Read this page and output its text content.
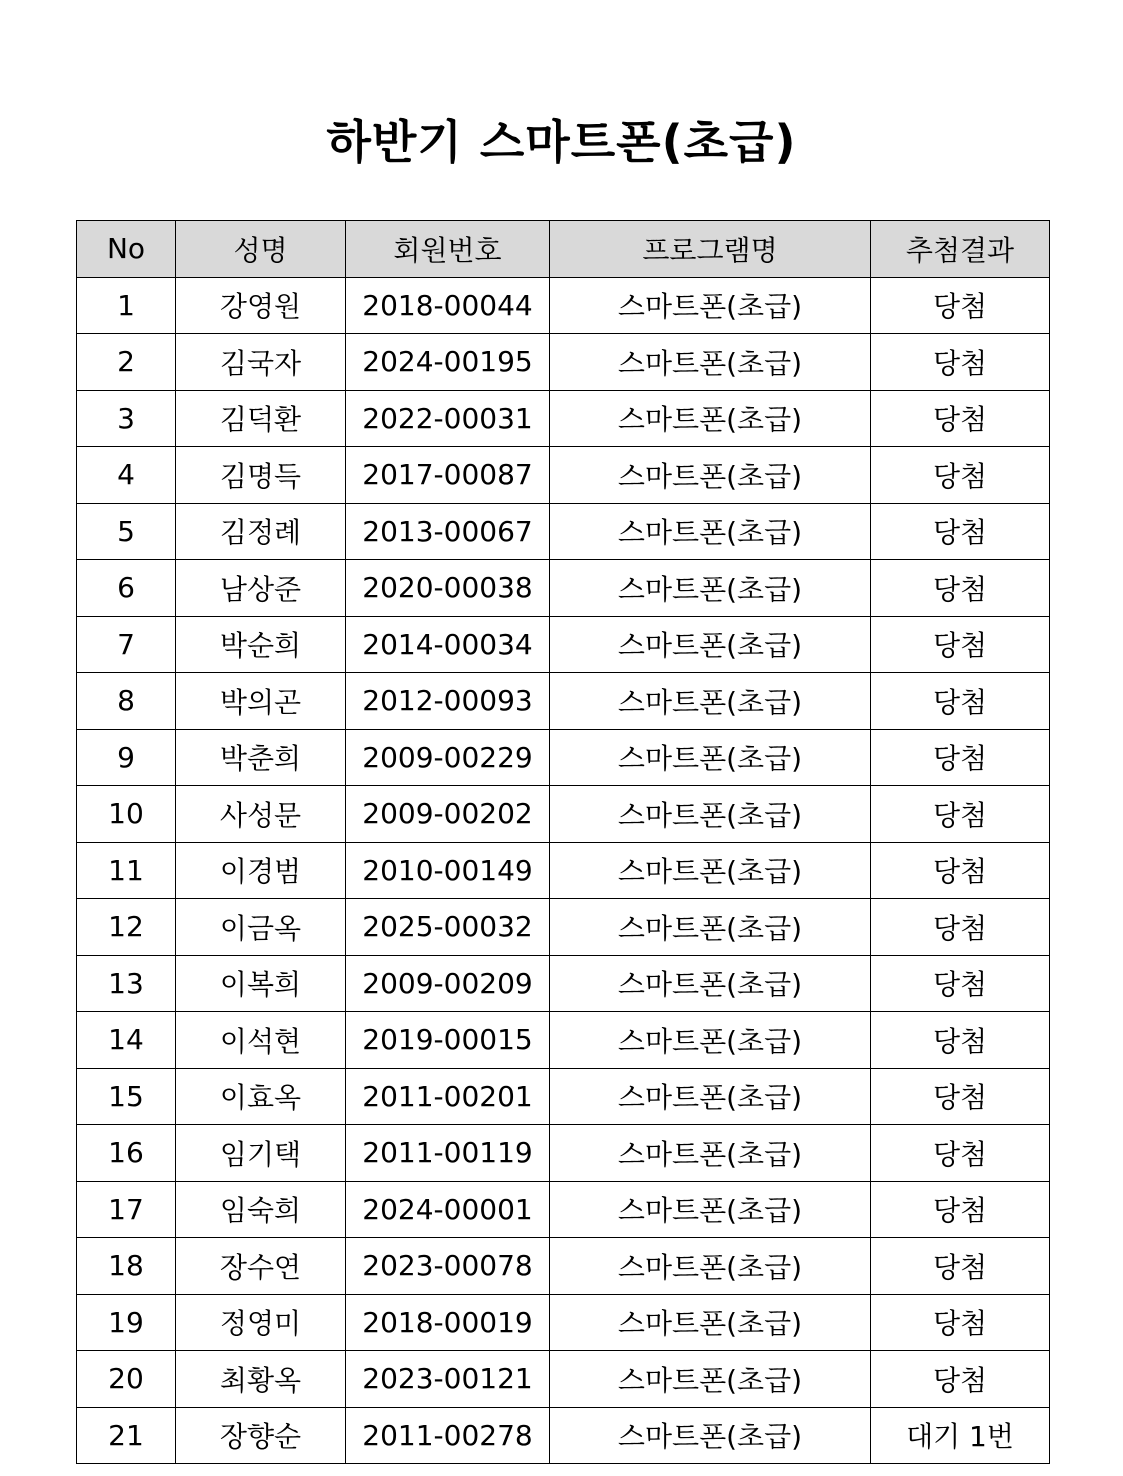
하반기 스마트폰(초급)
No	성명	회원번호	프로그램명	추첨결과
1	강영원	2018-00044	스마트폰(초급)	당첨
2	김국자	2024-00195	스마트폰(초급)	당첨
3	김덕환	2022-00031	스마트폰(초급)	당첨
4	김명득	2017-00087	스마트폰(초급)	당첨
5	김정례	2013-00067	스마트폰(초급)	당첨
6	남상준	2020-00038	스마트폰(초급)	당첨
7	박순희	2014-00034	스마트폰(초급)	당첨
8	박의곤	2012-00093	스마트폰(초급)	당첨
9	박춘희	2009-00229	스마트폰(초급)	당첨
10	사성문	2009-00202	스마트폰(초급)	당첨
11	이경범	2010-00149	스마트폰(초급)	당첨
12	이금옥	2025-00032	스마트폰(초급)	당첨
13	이복희	2009-00209	스마트폰(초급)	당첨
14	이석현	2019-00015	스마트폰(초급)	당첨
15	이효옥	2011-00201	스마트폰(초급)	당첨
16	임기택	2011-00119	스마트폰(초급)	당첨
17	임숙희	2024-00001	스마트폰(초급)	당첨
18	장수연	2023-00078	스마트폰(초급)	당첨
19	정영미	2018-00019	스마트폰(초급)	당첨
20	최황옥	2023-00121	스마트폰(초급)	당첨
21	장향순	2011-00278	스마트폰(초급)	대기 1번
